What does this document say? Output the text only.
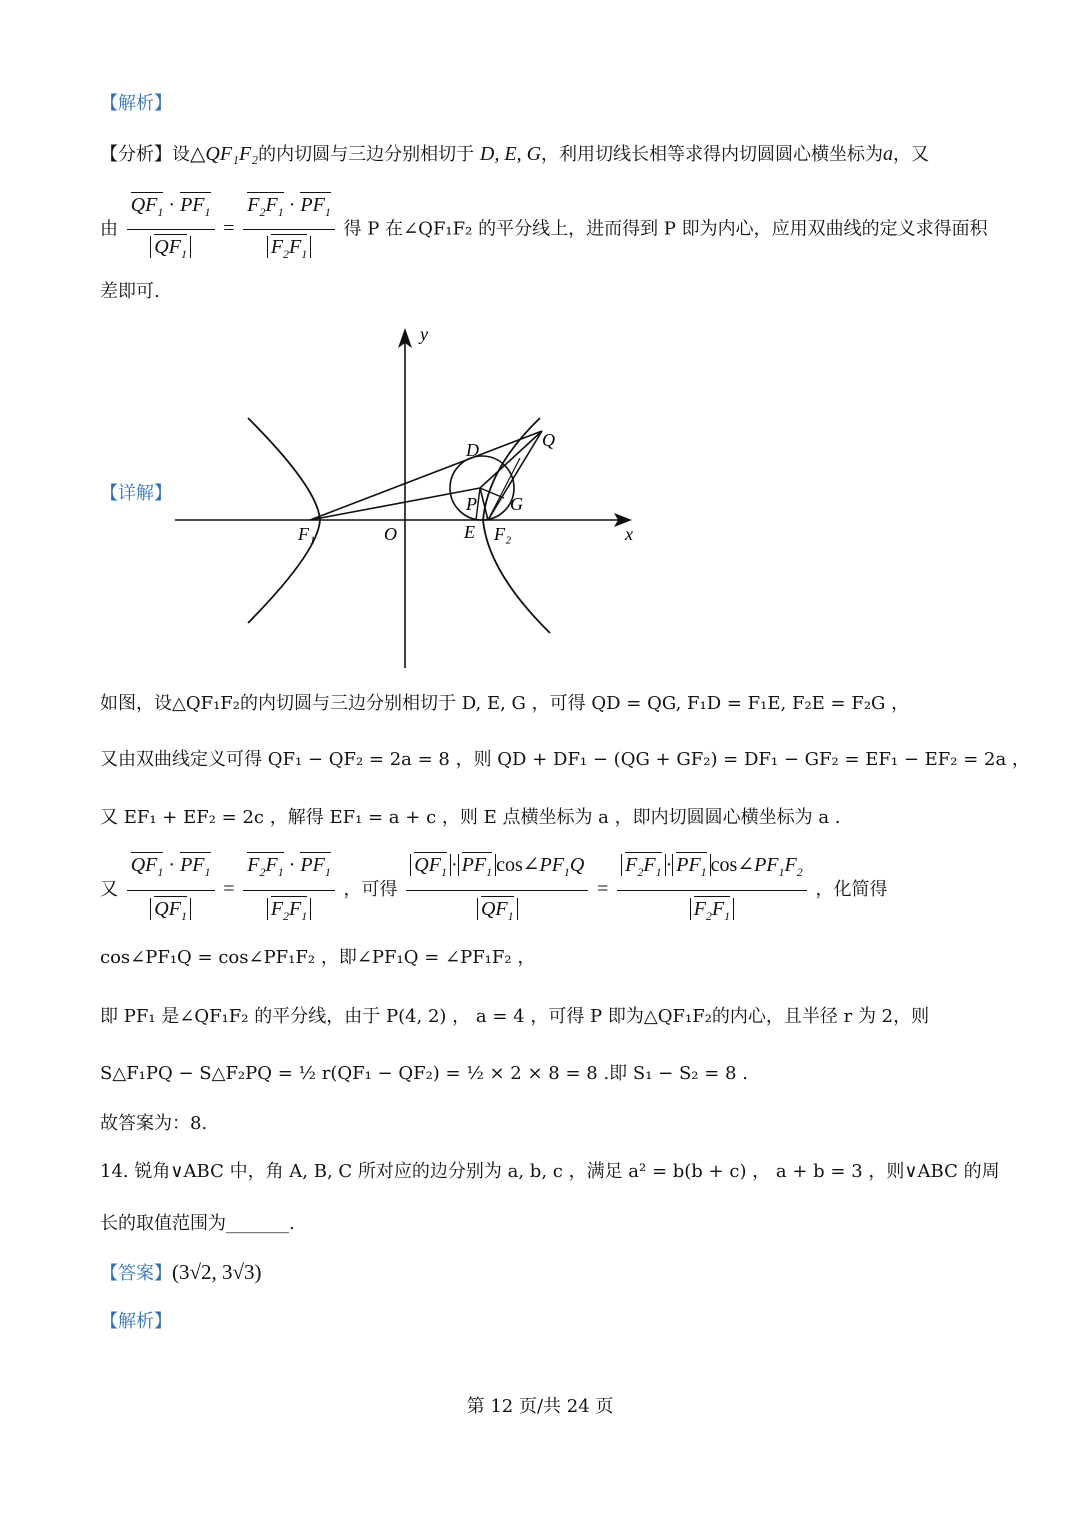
【解析】
【分析】设△QF₁F₂的内切圆与三边分别相切于 D, E, G，利用切线长相等求得内切圆圆心横坐标为a，又
由 $\frac{QF_1 \cdot PF_1}{QF_1} = \frac{F_2F_1 \cdot PF_1}{F_2F_1}$ 得 P 在∠QF₁F₂ 的平分线上，进而得到 P 即为内心，应用双曲线的定义求得面积
差即可.
【详解】
y
x
O
F₁	F₂
D	Q
P G
E
如图，设△QF₁F₂的内切圆与三边分别相切于 D, E, G ，可得 QD = QG, F₁D = F₁E, F₂E = F₂G ，
又由双曲线定义可得 QF₁ − QF₂ = 2a = 8 ，则 QD + DF₁ − (QG + GF₂) = DF₁ − GF₂ = EF₁ − EF₂ = 2a ，
又 EF₁ + EF₂ = 2c ，解得 EF₁ = a + c ，则 E 点横坐标为 a ，即内切圆圆心横坐标为 a .
又 $\frac{QF_1 \cdot PF_1}{QF_1} = \frac{F_2F_1 \cdot PF_1}{F_2F_1}$ ，可得 $\frac{QF_1 \cdot PF_1 \cos\angle PF_1Q}{QF_1} = \frac{F_2F_1 \cdot PF_1 \cos\angle PF_1F_2}{F_2F_1}$ ，化简得
cos∠PF₁Q = cos∠PF₁F₂ ，即∠PF₁Q = ∠PF₁F₂ ，
即 PF₁ 是∠QF₁F₂ 的平分线，由于 P(4, 2) ， a = 4 ，可得 P 即为△QF₁F₂的内心，且半径 r 为 2，则
S△F₁PQ − S△F₂PQ = ½ r(QF₁ − QF₂) = ½ × 2 × 8 = 8 .即 S₁ − S₂ = 8 .
故答案为：8.
14. 锐角∨ABC 中，角 A, B, C 所对应的边分别为 a, b, c ，满足 a² = b(b + c) ， a + b = 3 ，则∨ABC 的周
长的取值范围为_______.
【答案】(3√2, 3√3)
【解析】
第 12 页/共 24 页
